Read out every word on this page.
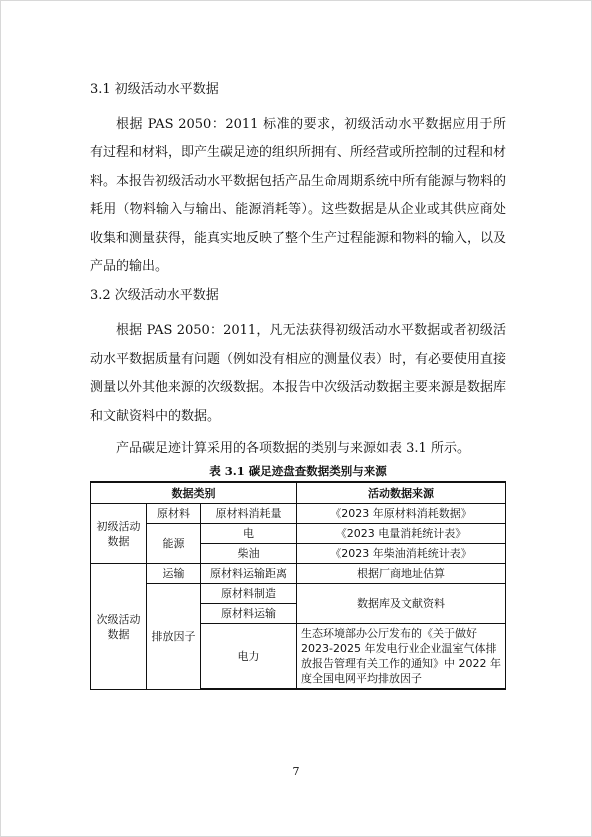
3.1 初级活动水平数据

根据 PAS 2050：2011 标准的要求，初级活动水平数据应用于所有过程和材料，即产生碳足迹的组织所拥有、所经营或所控制的过程和材料。本报告初级活动水平数据包括产品生命周期系统中所有能源与物料的耗用（物料输入与输出、能源消耗等）。这些数据是从企业或其供应商处收集和测量获得，能真实地反映了整个生产过程能源和物料的输入，以及产品的输出。

3.2 次级活动水平数据

根据 PAS 2050：2011，凡无法获得初级活动水平数据或者初级活动水平数据质量有问题（例如没有相应的测量仪表）时，有必要使用直接测量以外其他来源的次级数据。本报告中次级活动数据主要来源是数据库和文献资料中的数据。

产品碳足迹计算采用的各项数据的类别与来源如表 3.1 所示。

表 3.1 碳足迹盘查数据类别与来源

数据类别			活动数据来源
初级活动数据	原材料	原材料消耗量	《2023 年原材料消耗数据》
	能源	电	《2023 电量消耗统计表》
		柴油	《2023 年柴油消耗统计表》
次级活动数据	运输	原材料运输距离	根据厂商地址估算
	排放因子	原材料制造	数据库及文献资料
		原材料运输	
		电力	生态环境部办公厅发布的《关于做好 2023-2025 年发电行业企业温室气体排放报告管理有关工作的通知》中 2022 年度全国电网平均排放因子
7
